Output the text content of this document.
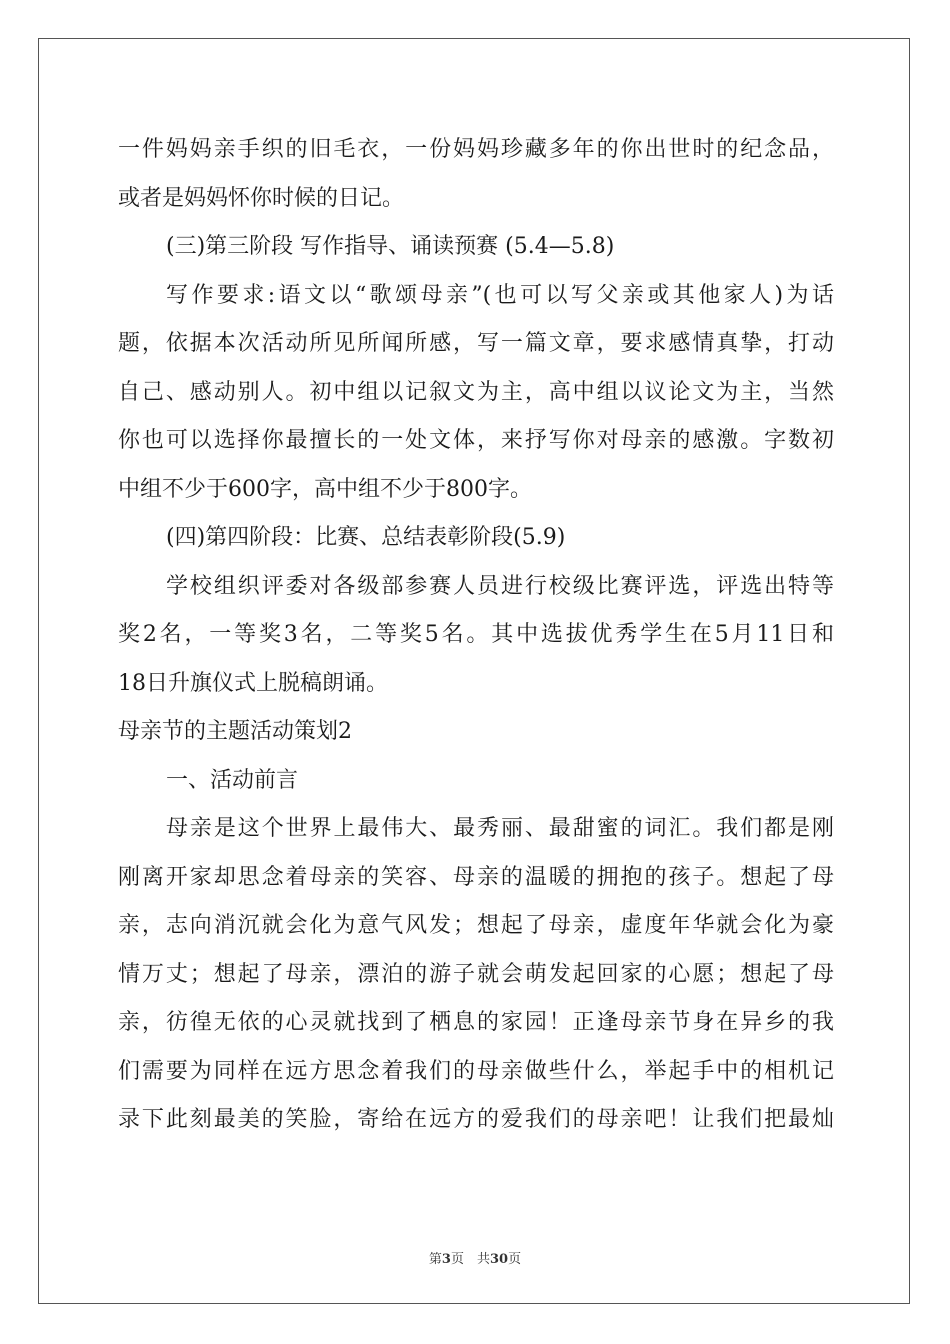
一件妈妈亲手织的旧毛衣，一份妈妈珍藏多年的你出世时的纪念品，
或者是妈妈怀你时候的日记。
(三)第三阶段 写作指导、诵读预赛 (5.4—5.8)
写作要求:语文以“歌颂母亲”(也可以写父亲或其他家人)为话
题，依据本次活动所见所闻所感，写一篇文章，要求感情真挚，打动
自己、感动别人。初中组以记叙文为主，高中组以议论文为主，当然
你也可以选择你最擅长的一处文体，来抒写你对母亲的感激。字数初
中组不少于600字，高中组不少于800字。
(四)第四阶段：比赛、总结表彰阶段(5.9)
学校组织评委对各级部参赛人员进行校级比赛评选，评选出特等
奖2名，一等奖3名，二等奖5名。其中选拔优秀学生在5月11日和
18日升旗仪式上脱稿朗诵。
母亲节的主题活动策划2
一、活动前言
母亲是这个世界上最伟大、最秀丽、最甜蜜的词汇。我们都是刚
刚离开家却思念着母亲的笑容、母亲的温暖的拥抱的孩子。想起了母
亲，志向消沉就会化为意气风发；想起了母亲，虚度年华就会化为豪
情万丈；想起了母亲，漂泊的游子就会萌发起回家的心愿；想起了母
亲，彷徨无依的心灵就找到了栖息的家园！正逢母亲节身在异乡的我
们需要为同样在远方思念着我们的母亲做些什么，举起手中的相机记
录下此刻最美的笑脸，寄给在远方的爱我们的母亲吧！让我们把最灿
第3页　共30页
